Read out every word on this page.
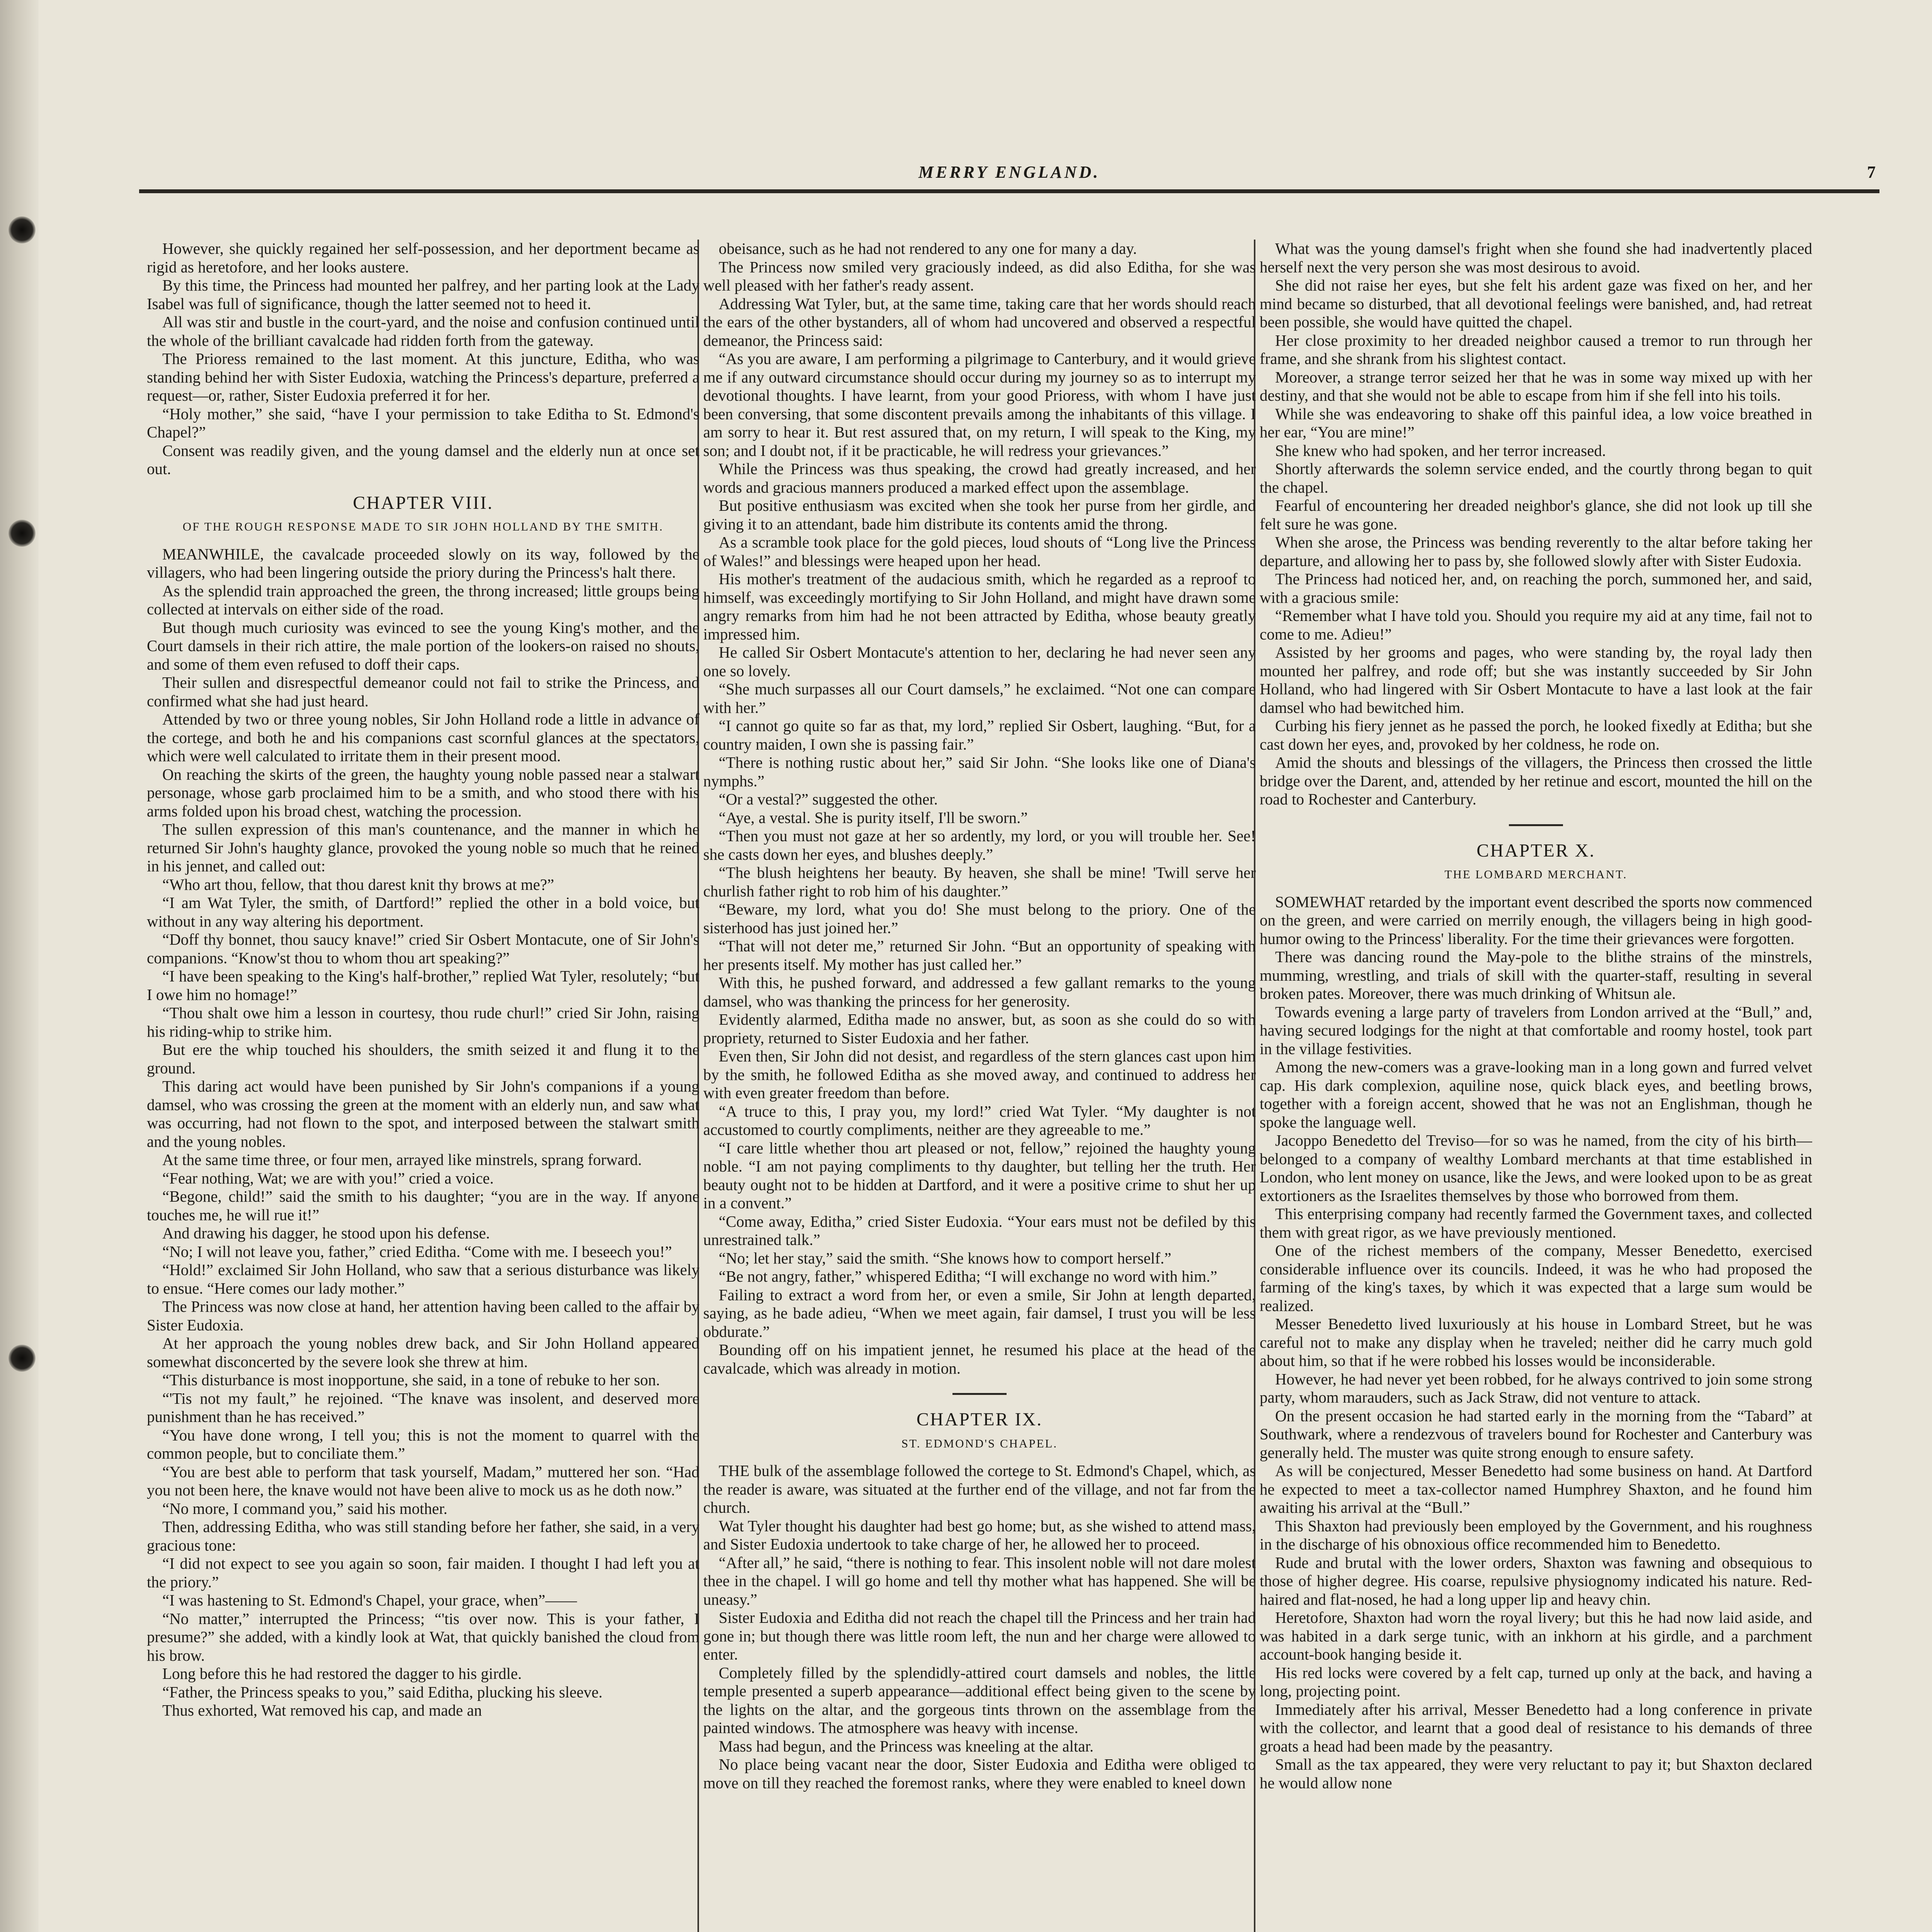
MERRY ENGLAND.	7

However, she quickly regained her self-possession, and her deportment became as rigid as heretofore, and her looks austere.

By this time, the Princess had mounted her palfrey, and her parting look at the Lady Isabel was full of significance, though the latter seemed not to heed it.

All was stir and bustle in the court-yard, and the noise and confusion continued until the whole of the brilliant cavalcade had ridden forth from the gateway.

The Prioress remained to the last moment. At this juncture, Editha, who was standing behind her with Sister Eudoxia, watching the Princess's departure, preferred a request—or, rather, Sister Eudoxia preferred it for her.

“Holy mother,” she said, “have I your permission to take Editha to St. Edmond's Chapel?”

Consent was readily given, and the young damsel and the elderly nun at once set out.

CHAPTER VIII.
OF THE ROUGH RESPONSE MADE TO SIR JOHN HOLLAND BY THE SMITH.

MEANWHILE, the cavalcade proceeded slowly on its way, followed by the villagers, who had been lingering outside the priory during the Princess's halt there.

As the splendid train approached the green, the throng increased; little groups being collected at intervals on either side of the road.

But though much curiosity was evinced to see the young King's mother, and the Court damsels in their rich attire, the male portion of the lookers-on raised no shouts, and some of them even refused to doff their caps.

Their sullen and disrespectful demeanor could not fail to strike the Princess, and confirmed what she had just heard.

Attended by two or three young nobles, Sir John Holland rode a little in advance of the cortege, and both he and his companions cast scornful glances at the spectators, which were well calculated to irritate them in their present mood.

On reaching the skirts of the green, the haughty young noble passed near a stalwart personage, whose garb proclaimed him to be a smith, and who stood there with his arms folded upon his broad chest, watching the procession.

The sullen expression of this man's countenance, and the manner in which he returned Sir John's haughty glance, provoked the young noble so much that he reined in his jennet, and called out:

“Who art thou, fellow, that thou darest knit thy brows at me?”

“I am Wat Tyler, the smith, of Dartford!” replied the other in a bold voice, but without in any way altering his deportment.

“Doff thy bonnet, thou saucy knave!” cried Sir Osbert Montacute, one of Sir John's companions. “Know'st thou to whom thou art speaking?”

“I have been speaking to the King's half-brother,” replied Wat Tyler, resolutely; “but I owe him no homage!”

“Thou shalt owe him a lesson in courtesy, thou rude churl!” cried Sir John, raising his riding-whip to strike him.

But ere the whip touched his shoulders, the smith seized it and flung it to the ground.

This daring act would have been punished by Sir John's companions if a young damsel, who was crossing the green at the moment with an elderly nun, and saw what was occurring, had not flown to the spot, and interposed between the stalwart smith and the young nobles.

At the same time three, or four men, arrayed like minstrels, sprang forward.

“Fear nothing, Wat; we are with you!” cried a voice.

“Begone, child!” said the smith to his daughter; “you are in the way. If anyone touches me, he will rue it!”

And drawing his dagger, he stood upon his defense.

“No; I will not leave you, father,” cried Editha. “Come with me. I beseech you!”

“Hold!” exclaimed Sir John Holland, who saw that a serious disturbance was likely to ensue. “Here comes our lady mother.”

The Princess was now close at hand, her attention having been called to the affair by Sister Eudoxia.

At her approach the young nobles drew back, and Sir John Holland appeared somewhat disconcerted by the severe look she threw at him.

“This disturbance is most inopportune, she said, in a tone of rebuke to her son.

“'Tis not my fault,” he rejoined. “The knave was insolent, and deserved more punishment than he has received.”

“You have done wrong, I tell you; this is not the moment to quarrel with the common people, but to conciliate them.”

“You are best able to perform that task yourself, Madam,” muttered her son. “Had you not been here, the knave would not have been alive to mock us as he doth now.”

“No more, I command you,” said his mother.

Then, addressing Editha, who was still standing before her father, she said, in a very gracious tone:

“I did not expect to see you again so soon, fair maiden. I thought I had left you at the priory.”

“I was hastening to St. Edmond's Chapel, your grace, when”——

“No matter,” interrupted the Princess; “'tis over now. This is your father, I presume?” she added, with a kindly look at Wat, that quickly banished the cloud from his brow.

Long before this he had restored the dagger to his girdle.

“Father, the Princess speaks to you,” said Editha, plucking his sleeve.

Thus exhorted, Wat removed his cap, and made an

obeisance, such as he had not rendered to any one for many a day.

The Princess now smiled very graciously indeed, as did also Editha, for she was well pleased with her father's ready assent.

Addressing Wat Tyler, but, at the same time, taking care that her words should reach the ears of the other bystanders, all of whom had uncovered and observed a respectful demeanor, the Princess said:

“As you are aware, I am performing a pilgrimage to Canterbury, and it would grieve me if any outward circumstance should occur during my journey so as to interrupt my devotional thoughts. I have learnt, from your good Prioress, with whom I have just been conversing, that some discontent prevails among the inhabitants of this village. I am sorry to hear it. But rest assured that, on my return, I will speak to the King, my son; and I doubt not, if it be practicable, he will redress your grievances.”

While the Princess was thus speaking, the crowd had greatly increased, and her words and gracious manners produced a marked effect upon the assemblage.

But positive enthusiasm was excited when she took her purse from her girdle, and giving it to an attendant, bade him distribute its contents amid the throng.

As a scramble took place for the gold pieces, loud shouts of “Long live the Princess of Wales!” and blessings were heaped upon her head.

His mother's treatment of the audacious smith, which he regarded as a reproof to himself, was exceedingly mortifying to Sir John Holland, and might have drawn some angry remarks from him had he not been attracted by Editha, whose beauty greatly impressed him.

He called Sir Osbert Montacute's attention to her, declaring he had never seen any one so lovely.

“She much surpasses all our Court damsels,” he exclaimed. “Not one can compare with her.”

“I cannot go quite so far as that, my lord,” replied Sir Osbert, laughing. “But, for a country maiden, I own she is passing fair.”

“There is nothing rustic about her,” said Sir John. “She looks like one of Diana's nymphs.”

“Or a vestal?” suggested the other.

“Aye, a vestal. She is purity itself, I'll be sworn.”

“Then you must not gaze at her so ardently, my lord, or you will trouble her. See! she casts down her eyes, and blushes deeply.”

“The blush heightens her beauty. By heaven, she shall be mine! 'Twill serve her churlish father right to rob him of his daughter.”

“Beware, my lord, what you do! She must belong to the priory. One of the sisterhood has just joined her.”

“That will not deter me,” returned Sir John. “But an opportunity of speaking with her presents itself. My mother has just called her.”

With this, he pushed forward, and addressed a few gallant remarks to the young damsel, who was thanking the princess for her generosity.

Evidently alarmed, Editha made no answer, but, as soon as she could do so with propriety, returned to Sister Eudoxia and her father.

Even then, Sir John did not desist, and regardless of the stern glances cast upon him by the smith, he followed Editha as she moved away, and continued to address her with even greater freedom than before.

“A truce to this, I pray you, my lord!” cried Wat Tyler. “My daughter is not accustomed to courtly compliments, neither are they agreeable to me.”

“I care little whether thou art pleased or not, fellow,” rejoined the haughty young noble. “I am not paying compliments to thy daughter, but telling her the truth. Her beauty ought not to be hidden at Dartford, and it were a positive crime to shut her up in a convent.”

“Come away, Editha,” cried Sister Eudoxia. “Your ears must not be defiled by this unrestrained talk.”

“No; let her stay,” said the smith. “She knows how to comport herself.”

“Be not angry, father,” whispered Editha; “I will exchange no word with him.”

Failing to extract a word from her, or even a smile, Sir John at length departed, saying, as he bade adieu, “When we meet again, fair damsel, I trust you will be less obdurate.”

Bounding off on his impatient jennet, he resumed his place at the head of the cavalcade, which was already in motion.

CHAPTER IX.
ST. EDMOND'S CHAPEL.

THE bulk of the assemblage followed the cortege to St. Edmond's Chapel, which, as the reader is aware, was situated at the further end of the village, and not far from the church.

Wat Tyler thought his daughter had best go home; but, as she wished to attend mass, and Sister Eudoxia undertook to take charge of her, he allowed her to proceed.

“After all,” he said, “there is nothing to fear. This insolent noble will not dare molest thee in the chapel. I will go home and tell thy mother what has happened. She will be uneasy.”

Sister Eudoxia and Editha did not reach the chapel till the Princess and her train had gone in; but though there was little room left, the nun and her charge were allowed to enter.

Completely filled by the splendidly-attired court damsels and nobles, the little temple presented a superb appearance—additional effect being given to the scene by the lights on the altar, and the gorgeous tints thrown on the assemblage from the painted windows. The atmosphere was heavy with incense.

Mass had begun, and the Princess was kneeling at the altar.

No place being vacant near the door, Sister Eudoxia and Editha were obliged to move on till they reached the foremost ranks, where they were enabled to kneel down

What was the young damsel's fright when she found she had inadvertently placed herself next the very person she was most desirous to avoid.

She did not raise her eyes, but she felt his ardent gaze was fixed on her, and her mind became so disturbed, that all devotional feelings were banished, and, had retreat been possible, she would have quitted the chapel.

Her close proximity to her dreaded neighbor caused a tremor to run through her frame, and she shrank from his slightest contact.

Moreover, a strange terror seized her that he was in some way mixed up with her destiny, and that she would not be able to escape from him if she fell into his toils.

While she was endeavoring to shake off this painful idea, a low voice breathed in her ear, “You are mine!”

She knew who had spoken, and her terror increased.

Shortly afterwards the solemn service ended, and the courtly throng began to quit the chapel.

Fearful of encountering her dreaded neighbor's glance, she did not look up till she felt sure he was gone.

When she arose, the Princess was bending reverently to the altar before taking her departure, and allowing her to pass by, she followed slowly after with Sister Eudoxia.

The Princess had noticed her, and, on reaching the porch, summoned her, and said, with a gracious smile:

“Remember what I have told you. Should you require my aid at any time, fail not to come to me. Adieu!”

Assisted by her grooms and pages, who were standing by, the royal lady then mounted her palfrey, and rode off; but she was instantly succeeded by Sir John Holland, who had lingered with Sir Osbert Montacute to have a last look at the fair damsel who had bewitched him.

Curbing his fiery jennet as he passed the porch, he looked fixedly at Editha; but she cast down her eyes, and, provoked by her coldness, he rode on.

Amid the shouts and blessings of the villagers, the Princess then crossed the little bridge over the Darent, and, attended by her retinue and escort, mounted the hill on the road to Rochester and Canterbury.

CHAPTER X.
THE LOMBARD MERCHANT.

SOMEWHAT retarded by the important event described the sports now commenced on the green, and were carried on merrily enough, the villagers being in high good-humor owing to the Princess' liberality. For the time their grievances were forgotten.

There was dancing round the May-pole to the blithe strains of the minstrels, mumming, wrestling, and trials of skill with the quarter-staff, resulting in several broken pates. Moreover, there was much drinking of Whitsun ale.

Towards evening a large party of travelers from London arrived at the “Bull,” and, having secured lodgings for the night at that comfortable and roomy hostel, took part in the village festivities.

Among the new-comers was a grave-looking man in a long gown and furred velvet cap. His dark complexion, aquiline nose, quick black eyes, and beetling brows, together with a foreign accent, showed that he was not an Englishman, though he spoke the language well.

Jacoppo Benedetto del Treviso—for so was he named, from the city of his birth—belonged to a company of wealthy Lombard merchants at that time established in London, who lent money on usance, like the Jews, and were looked upon to be as great extortioners as the Israelites themselves by those who borrowed from them.

This enterprising company had recently farmed the Government taxes, and collected them with great rigor, as we have previously mentioned.

One of the richest members of the company, Messer Benedetto, exercised considerable influence over its councils. Indeed, it was he who had proposed the farming of the king's taxes, by which it was expected that a large sum would be realized.

Messer Benedetto lived luxuriously at his house in Lombard Street, but he was careful not to make any display when he traveled; neither did he carry much gold about him, so that if he were robbed his losses would be inconsiderable.

However, he had never yet been robbed, for he always contrived to join some strong party, whom marauders, such as Jack Straw, did not venture to attack.

On the present occasion he had started early in the morning from the “Tabard” at Southwark, where a rendezvous of travelers bound for Rochester and Canterbury was generally held. The muster was quite strong enough to ensure safety.

As will be conjectured, Messer Benedetto had some business on hand. At Dartford he expected to meet a tax-collector named Humphrey Shaxton, and he found him awaiting his arrival at the “Bull.”

This Shaxton had previously been employed by the Government, and his roughness in the discharge of his obnoxious office recommended him to Benedetto.

Rude and brutal with the lower orders, Shaxton was fawning and obsequious to those of higher degree. His coarse, repulsive physiognomy indicated his nature. Red-haired and flat-nosed, he had a long upper lip and heavy chin.

Heretofore, Shaxton had worn the royal livery; but this he had now laid aside, and was habited in a dark serge tunic, with an inkhorn at his girdle, and a parchment account-book hanging beside it.

His red locks were covered by a felt cap, turned up only at the back, and having a long, projecting point.

Immediately after his arrival, Messer Benedetto had a long conference in private with the collector, and learnt that a good deal of resistance to his demands of three groats a head had been made by the peasantry.

Small as the tax appeared, they were very reluctant to pay it; but Shaxton declared he would allow none
